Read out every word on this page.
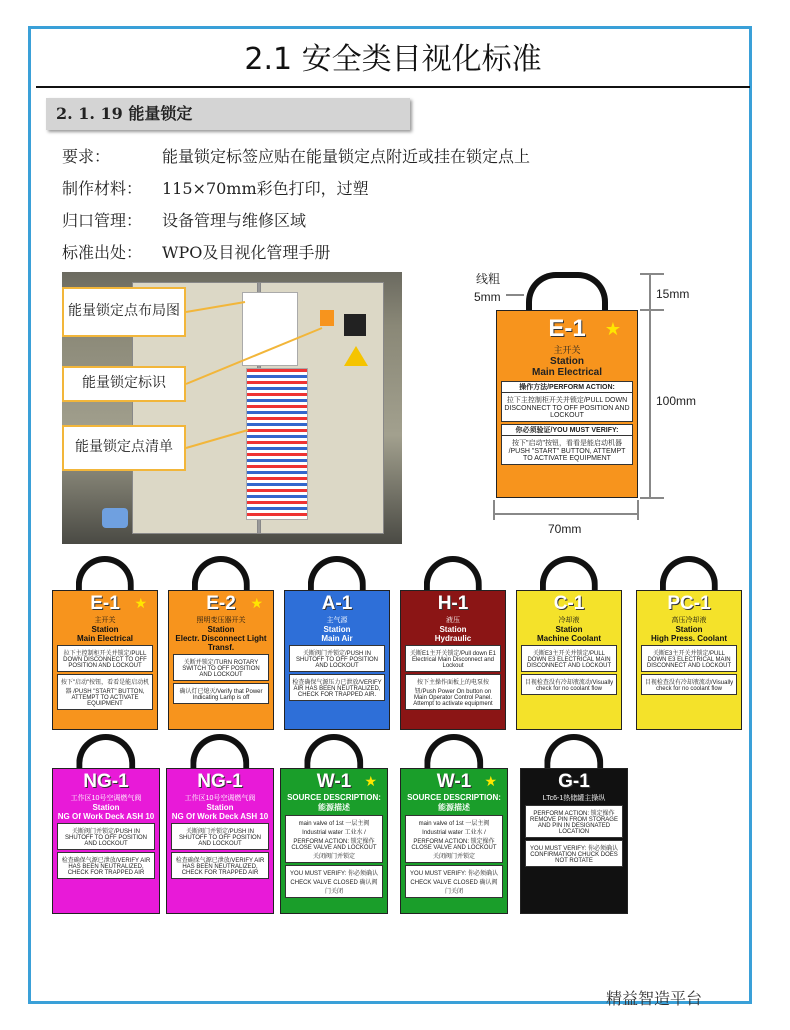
2.1 安全类目视化标准
2. 1. 19 能量锁定
要求：	能量锁定标签应贴在能量锁定点附近或挂在锁定点上
制作材料： 115×70mm彩色打印，过塑
归口管理： 设备管理与维修区域
标准出处： WPO及目视化管理手册
能量锁定点布局图
能量锁定标识
能量锁定点清单
线粗
5mm	15mm
100mm
70mm
E-1	★
主开关
Station
Main Electrical
操作方法/PERFORM ACTION:
拉下主控制柜开关并锁定/PULL DOWN DISCONNECT TO OFF POSITION AND LOCKOUT
你必须验证/YOU MUST VERIFY:
按下"启动"按钮，看看是能启动机器 /PUSH "START" BUTTON, ATTEMPT TO ACTIVATE EQUIPMENT
E-1	★
主开关
Station
Main Electrical
拉下主控制柜开关并锁定/PULL DOWN DISCONNECT TO OFF POSITION AND LOCKOUT
按下"启动"按钮，看看是能启动机器 /PUSH "START" BUTTON, ATTEMPT TO ACTIVATE EQUIPMENT
E-2	★
照明变压器开关
Station
Electr. Disconnect Light Transf.
关断并锁定/TURN ROTARY SWITCH TO OFF POSITION AND LOCKOUT
确认灯已熄灭/Verify that Power Indicating Lamp is off
A-1
主气源
Station
Main Air
关断阀门并锁定/PUSH IN SHUTOFF TO OFF POSITION AND LOCKOUT
检查确保气源压力已泄放/VERIFY AIR HAS BEEN NEUTRALIZED, CHECK FOR TRAPPED AIR.
H-1
液压
Station
Hydraulic
关断E1主开关锁定/Pull down E1 Electrical Main Disconnect and Lockout
按下主操作面板上的电泵按钮/Push Power On button on Main Operator Control Panel. Attempt to activate equipment
C-1
冷却液
Station
Machine Coolant
关断E3主开关并锁定/PULL DOWN E3 ELECTRICAL MAIN DISCONNECT AND LOCKOUT
目视检查没有冷却液流动/Visually check for no coolant flow
PC-1
高压冷却液
Station
High Press. Coolant
关断E3主开关并锁定/PULL DOWN E3 ELECTRICAL MAIN DISCONNECT AND LOCKOUT
目视检查没有冷却液流动/Visually check for no coolant flow
NG-1
工作区10号空调燃气阀
Station
NG Of Work Deck ASH 10
关断阀门并锁定/PUSH IN SHUTOFF TO OFF POSITION AND LOCKOUT
检查确保气源已泄放/VERIFY AIR HAS BEEN NEUTRALIZED, CHECK FOR TRAPPED AIR
NG-1
工作区10号空调燃气阀
Station
NG Of Work Deck ASH 10
关断阀门并锁定/PUSH IN SHUTOFF TO OFF POSITION AND LOCKOUT
检查确保气源已泄放/VERIFY AIR HAS BEEN NEUTRALIZED, CHECK FOR TRAPPED AIR
W-1 ★
SOURCE DESCRIPTION:
能源描述
main valve of 1st 一层主阀 Industrial water 工业水 / PERFORM ACTION: 锁定操作 CLOSE VALVE AND LOCKOUT 关闭阀门并锁定
YOU MUST VERIFY: 你必须确认 CHECK VALVE CLOSED 确认阀门关闭
W-1 ★
SOURCE DESCRIPTION:
能源描述
main valve of 1st 一层主阀 Industrial water 工业水 / PERFORM ACTION: 锁定操作 CLOSE VALVE AND LOCKOUT 关闭阀门并锁定
YOU MUST VERIFY: 你必须确认 CHECK VALVE CLOSED 确认阀门关闭
G-1
LTc6-1热储罐主操纵
PERFORM ACTION: 锁定操作 REMOVE PIN FROM STORAGE AND PIN IN DESIGNATED LOCATION
YOU MUST VERIFY: 你必须确认 CONFIRMATION CHUCK DOES NOT ROTATE
精益智造平台
